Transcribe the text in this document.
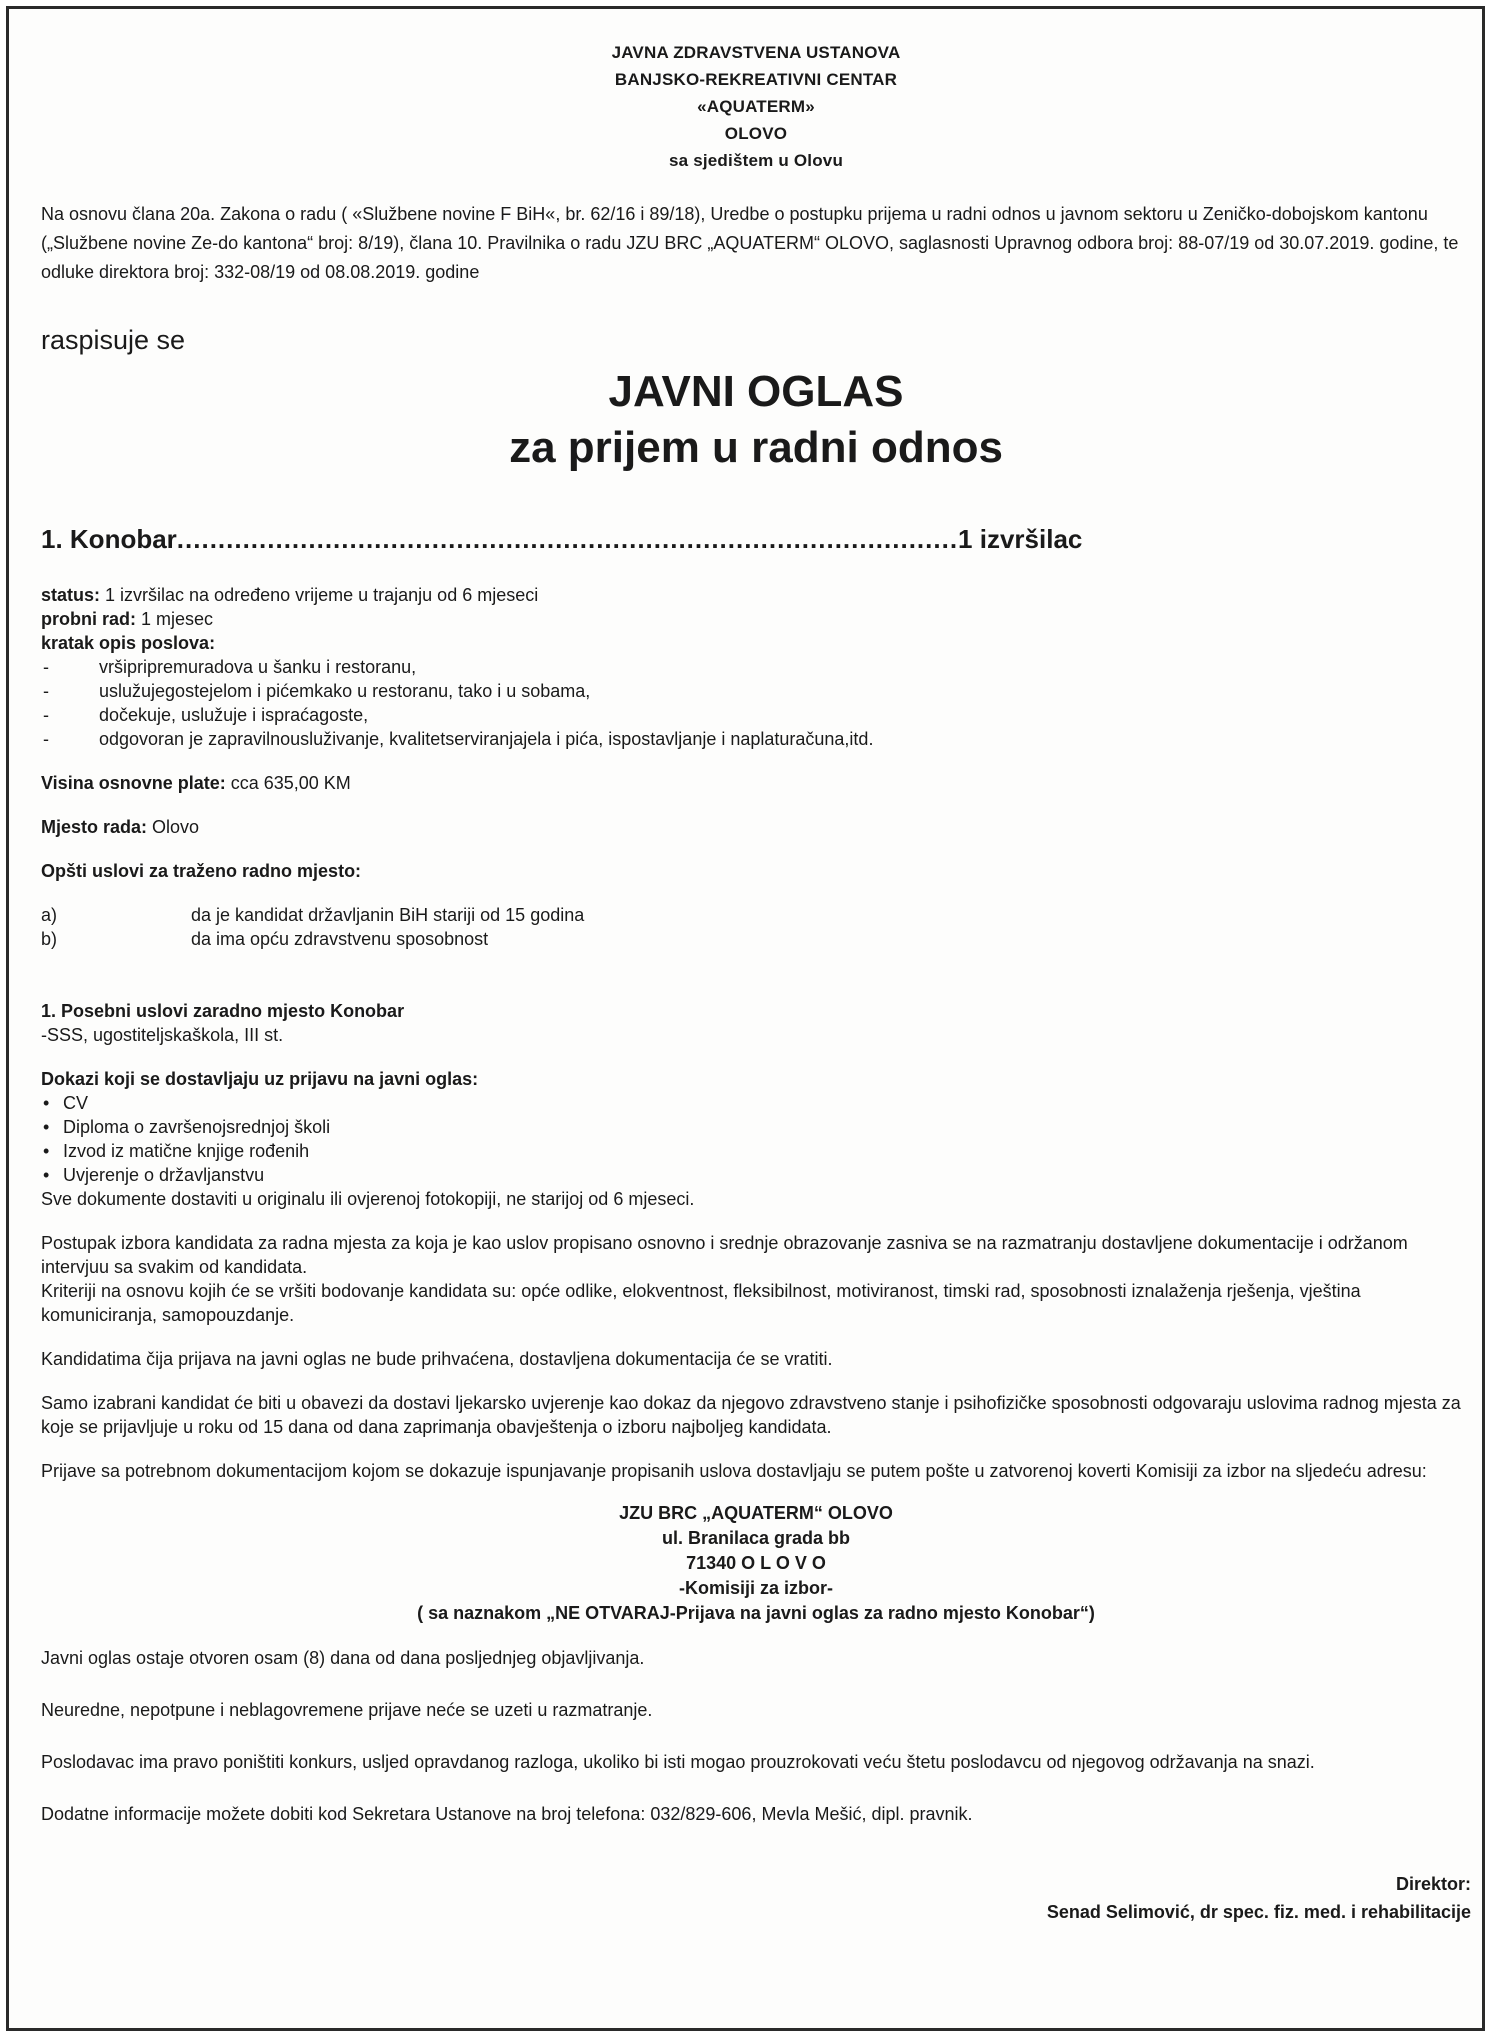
JAVNA ZDRAVSTVENA USTANOVA
BANJSKO-REKREATIVNI CENTAR
«AQUATERM»
OLOVO
sa sjedištem u Olovu
Na osnovu člana 20a. Zakona o radu ( «Službene novine F BiH«, br. 62/16 i 89/18), Uredbe o postupku prijema u radni odnos u javnom sektoru u Zeničko-dobojskom kantonu („Službene novine Ze-do kantona“ broj: 8/19), člana 10. Pravilnika o radu JZU BRC „AQUATERM“ OLOVO, saglasnosti Upravnog odbora broj: 88-07/19 od 30.07.2019. godine, te odluke direktora broj: 332-08/19 od 08.08.2019. godine
raspisuje se
JAVNI OGLAS
za prijem u radni odnos
1. Konobar ............................................................................................... 1 izvršilac
status: 1 izvršilac na određeno vrijeme u trajanju od 6 mjeseci
probni rad: 1 mjesec
kratak opis poslova:
- vršipripremuradova u šanku i restoranu,
- uslužujegostejelom i pićemkako u restoranu, tako i u sobama,
- dočekuje, uslužuje i ispraćagoste,
- odgovoran je zapravilnousluživanje, kvalitetserviranjajela i pića, ispostavljanje i naplaturačuna,itd.
Visina osnovne plate: cca 635,00 KM
Mjesto rada: Olovo
Opšti uslovi za traženo radno mjesto:
a)	da je kandidat državljanin BiH stariji od 15 godina
b)	da ima opću zdravstvenu sposobnost
1. Posebni uslovi zaradno mjesto Konobar
-SSS, ugostiteljskaškola, III st.
Dokazi koji se dostavljaju uz prijavu na javni oglas:
• CV
• Diploma o završenojsrednjoj školi
• Izvod iz matične knjige rođenih
• Uvjerenje o državljanstvu
Sve dokumente dostaviti u originalu ili ovjerenoj fotokopiji, ne starijoj od 6 mjeseci.
Postupak izbora kandidata za radna mjesta za koja je kao uslov propisano osnovno i srednje obrazovanje zasniva se na razmatranju dostavljene dokumentacije i održanom intervjuu sa svakim od kandidata.
Kriteriji na osnovu kojih će se vršiti bodovanje kandidata su: opće odlike, elokventnost, fleksibilnost, motiviranost, timski rad, sposobnosti iznalaženja rješenja, vještina komuniciranja, samopouzdanje.
Kandidatima čija prijava na javni oglas ne bude prihvaćena, dostavljena dokumentacija će se vratiti.
Samo izabrani kandidat će biti u obavezi da dostavi ljekarsko uvjerenje kao dokaz da njegovo zdravstveno stanje i psihofizičke sposobnosti odgovaraju uslovima radnog mjesta za koje se prijavljuje u roku od 15 dana od dana zaprimanja obavještenja o izboru najboljeg kandidata.
Prijave sa potrebnom dokumentacijom kojom se dokazuje ispunjavanje propisanih uslova dostavljaju se putem pošte u zatvorenoj koverti Komisiji za izbor na sljedeću adresu:
JZU BRC „AQUATERM“ OLOVO
ul. Branilaca grada bb
71340 O L O V O
-Komisiji za izbor-
( sa naznakom „NE OTVARAJ-Prijava na javni oglas za radno mjesto Konobar“)
Javni oglas ostaje otvoren osam (8) dana od dana posljednjeg objavljivanja.
Neuredne, nepotpune i neblagovremene prijave neće se uzeti u razmatranje.
Poslodavac ima pravo poništiti konkurs, usljed opravdanog razloga, ukoliko bi isti mogao prouzrokovati veću štetu poslodavcu od njegovog održavanja na snazi.
Dodatne informacije možete dobiti kod Sekretara Ustanove na broj telefona: 032/829-606, Mevla Mešić, dipl. pravnik.
Direktor:
Senad Selimović, dr spec. fiz. med. i rehabilitacije
